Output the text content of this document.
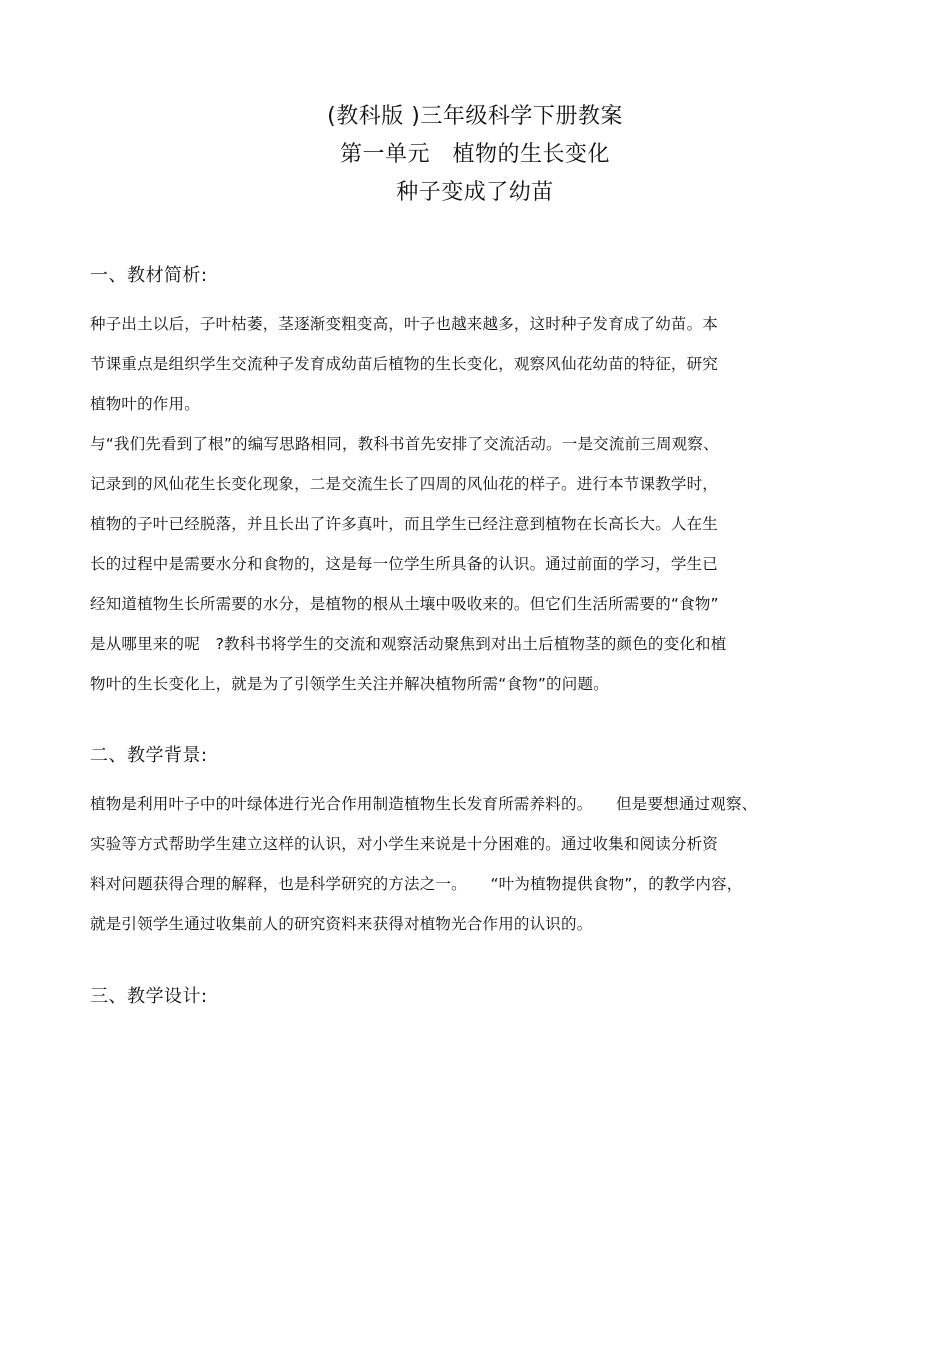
(教科版 )三年级科学下册教案
第一单元　植物的生长变化
种子变成了幼苗
一、教材简析:
种子出土以后，子叶枯萎，茎逐渐变粗变高，叶子也越来越多，这时种子发育成了幼苗。本
节课重点是组织学生交流种子发育成幼苗后植物的生长变化，观察风仙花幼苗的特征，研究
植物叶的作用。
与“我们先看到了根”的编写思路相同，教科书首先安排了交流活动。一是交流前三周观察、
记录到的风仙花生长变化现象，二是交流生长了四周的风仙花的样子。进行本节课教学时，
植物的子叶已经脱落，并且长出了许多真叶，而且学生已经注意到植物在长高长大。人在生
长的过程中是需要水分和食物的，这是每一位学生所具备的认识。通过前面的学习，学生已
经知道植物生长所需要的水分，是植物的根从土壤中吸收来的。但它们生活所需要的“食物”
是从哪里来的呢　?教科书将学生的交流和观察活动聚焦到对出土后植物茎的颜色的变化和植
物叶的生长变化上，就是为了引领学生关注并解决植物所需“食物”的问题。
二、教学背景:
植物是利用叶子中的叶绿体进行光合作用制造植物生长发育所需养料的。　　但是要想通过观察、
实验等方式帮助学生建立这样的认识，对小学生来说是十分困难的。通过收集和阅读分析资
料对问题获得合理的解释，也是科学研究的方法之一。　　“叶为植物提供食物”，的教学内容，
就是引领学生通过收集前人的研究资料来获得对植物光合作用的认识的。
三、教学设计:
